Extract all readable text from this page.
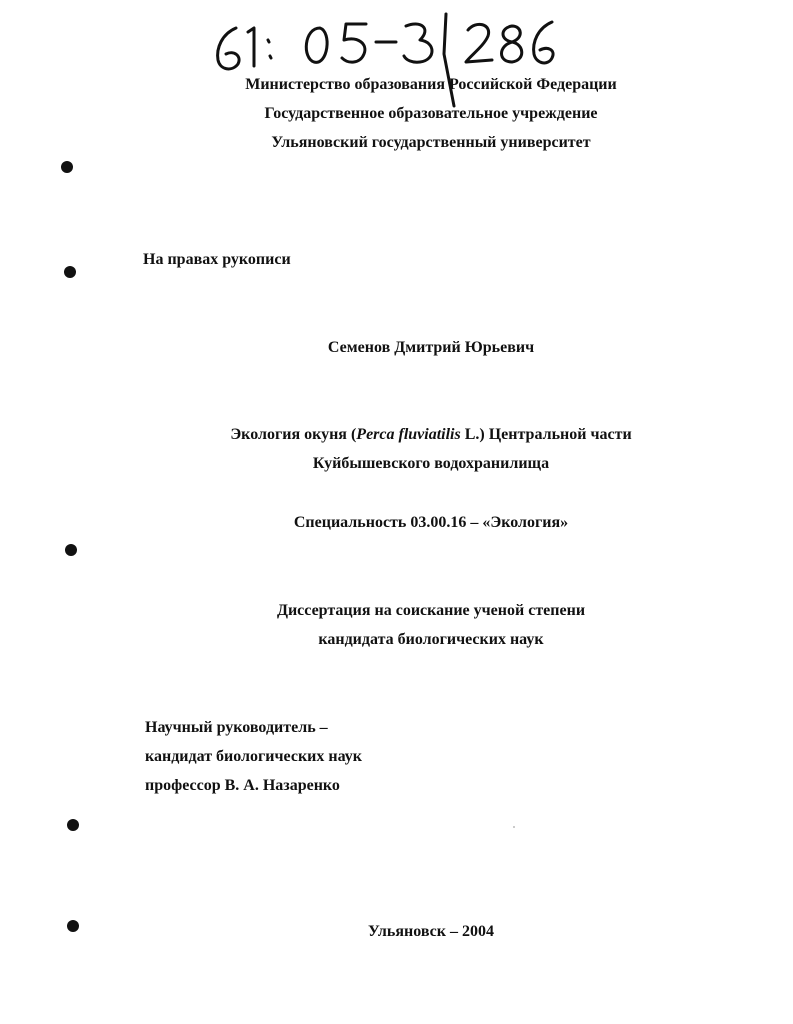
Министерство образования Российской Федерации
Государственное образовательное учреждение
Ульяновский государственный университет
На правах рукописи
Семенов Дмитрий Юрьевич
Экология окуня (Perca fluviatilis L.) Центральной части
Куйбышевского водохранилища
Специальность 03.00.16 – «Экология»
Диссертация на соискание ученой степени
кандидата биологических наук
Научный руководитель –
кандидат биологических наук
профессор В. А. Назаренко
Ульяновск – 2004
